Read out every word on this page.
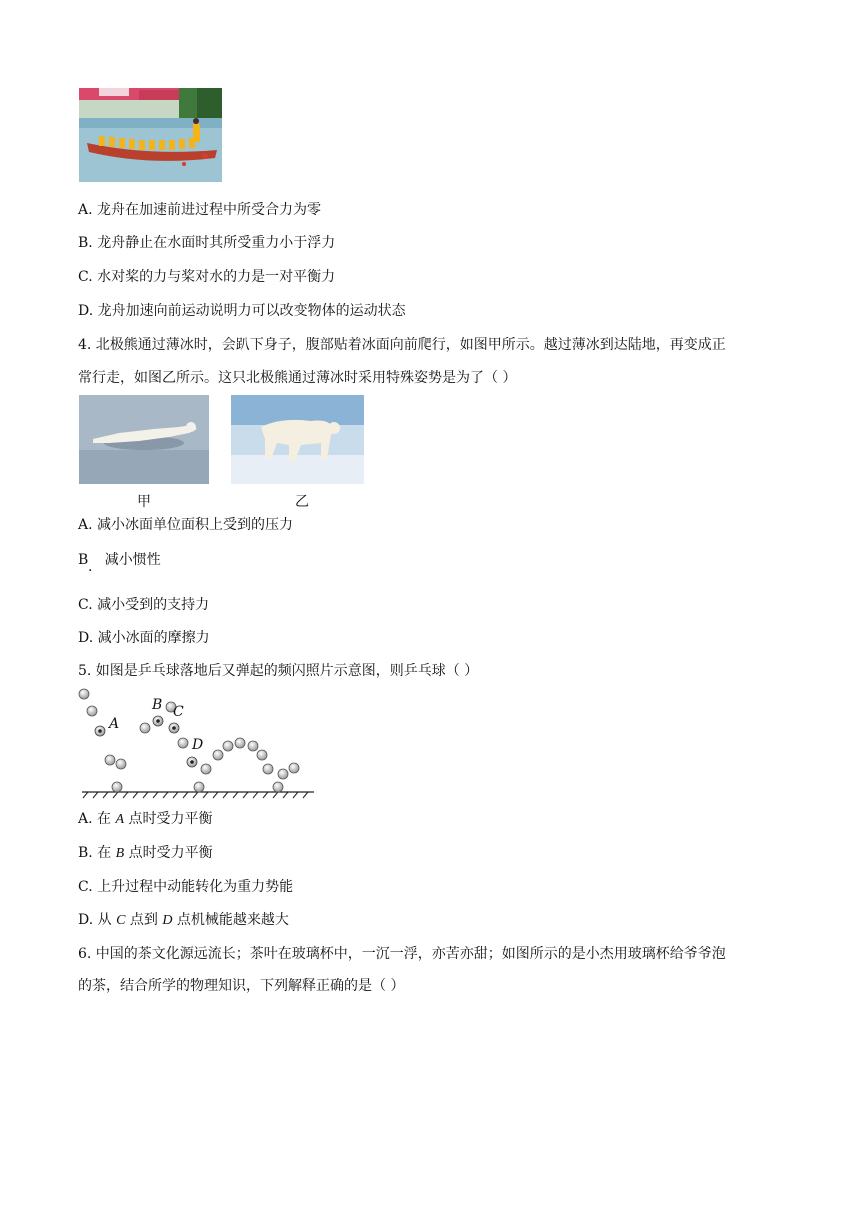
A. 龙舟在加速前进过程中所受合力为零
B. 龙舟静止在水面时其所受重力小于浮力
C. 水对桨的力与桨对水的力是一对平衡力
D. 龙舟加速向前运动说明力可以改变物体的运动状态
4. 北极熊通过薄冰时，会趴下身子，腹部贴着冰面向前爬行，如图甲所示。越过薄冰到达陆地，再变成正
常行走，如图乙所示。这只北极熊通过薄冰时采用特殊姿势是为了（ ）
甲	乙
A. 减小冰面单位面积上受到的压力
B 减小惯性
·
C. 减小受到的支持力
D. 减小冰面的摩擦力
5. 如图是乒乓球落地后又弹起的频闪照片示意图，则乒乓球（ ）
A
B C
D
A. 在 A 点时受力平衡
B. 在 B 点时受力平衡
C. 上升过程中动能转化为重力势能
D. 从 C 点到 D 点机械能越来越大
6. 中国的茶文化源远流长；茶叶在玻璃杯中，一沉一浮，亦苦亦甜；如图所示的是小杰用玻璃杯给爷爷泡
的茶，结合所学的物理知识，下列解释正确的是（ ）
